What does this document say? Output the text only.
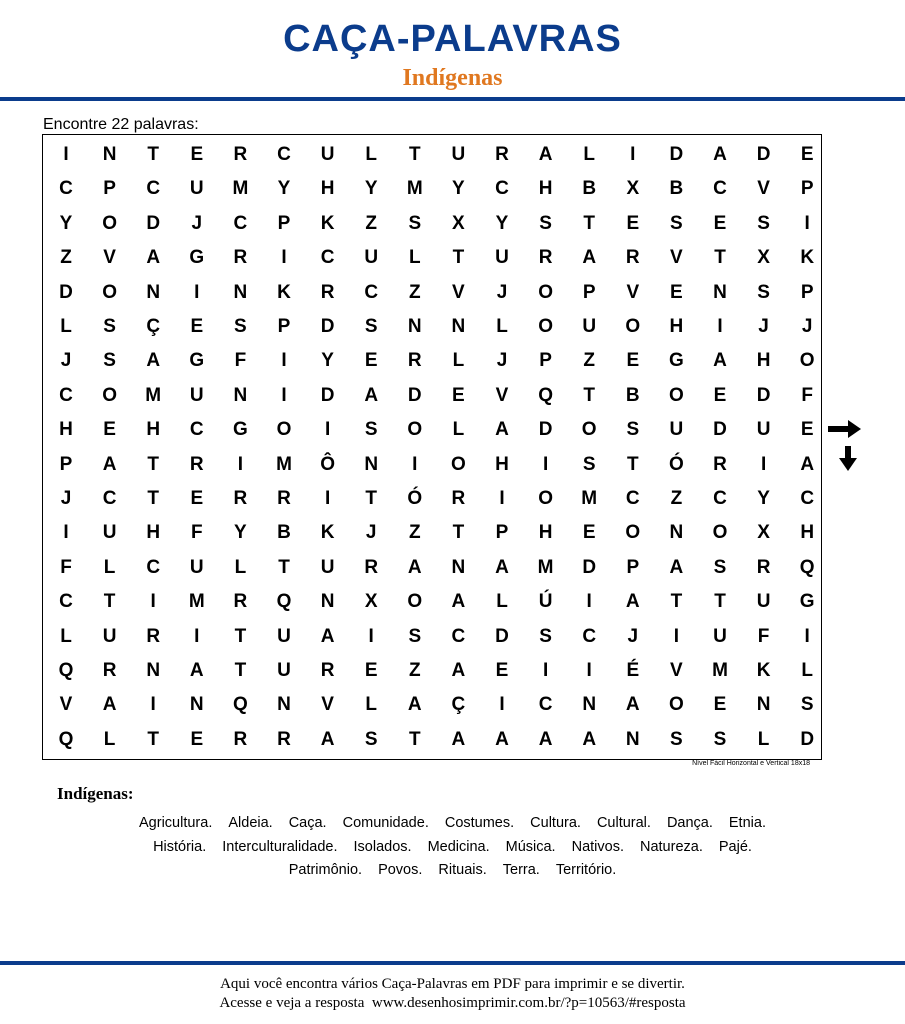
CAÇA-PALAVRAS
Indígenas
Encontre 22 palavras:
I	N	T	E	R	C	U	L	T	U	R	A	L	I	D	A	D	E
C	P	C	U	M	Y	H	Y	M	Y	C	H	B	X	B	C	V	P
Y	O	D	J	C	P	K	Z	S	X	Y	S	T	E	S	E	S	I
Z	V	A	G	R	I	C	U	L	T	U	R	A	R	V	T	X	K
D	O	N	I	N	K	R	C	Z	V	J	O	P	V	E	N	S	P
L	S	Ç	E	S	P	D	S	N	N	L	O	U	O	H	I	J	J
J	S	A	G	F	I	Y	E	R	L	J	P	Z	E	G	A	H	O
C	O	M	U	N	I	D	A	D	E	V	Q	T	B	O	E	D	F
H	E	H	C	G	O	I	S	O	L	A	D	O	S	U	D	U	E
P	A	T	R	I	M	Ô	N	I	O	H	I	S	T	Ó	R	I	A
J	C	T	E	R	R	I	T	Ó	R	I	O	M	C	Z	C	Y	C
I	U	H	F	Y	B	K	J	Z	T	P	H	E	O	N	O	X	H
F	L	C	U	L	T	U	R	A	N	A	M	D	P	A	S	R	Q
C	T	I	M	R	Q	N	X	O	A	L	Ú	I	A	T	T	U	G
L	U	R	I	T	U	A	I	S	C	D	S	C	J	I	U	F	I
Q	R	N	A	T	U	R	E	Z	A	E	I	I	É	V	M	K	L
V	A	I	N	Q	N	V	L	A	Ç	I	C	N	A	O	E	N	S
Q	L	T	E	R	R	A	S	T	A	A	A	A	N	S	S	L	D
Nível Fácil Horizontal e Vertical 18x18
Indígenas:
Agricultura. Aldeia. Caça. Comunidade. Costumes. Cultura. Cultural. Dança. Etnia.
História. Interculturalidade. Isolados. Medicina. Música. Nativos. Natureza. Pajé.
Patrimônio. Povos. Rituais. Terra. Território.
Aqui você encontra vários Caça-Palavras em PDF para imprimir e se divertir.
Acesse e veja a resposta  www.desenhosimprimir.com.br/?p=10563/#resposta
